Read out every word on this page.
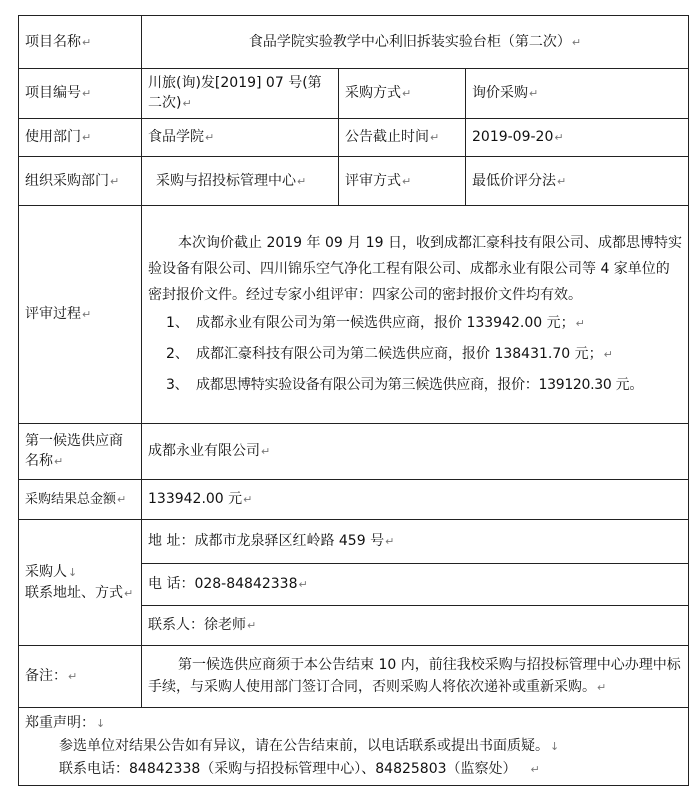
项目名称↵	食品学院实验教学中心利旧拆装实验台柜（第二次）↵		
项目编号↵	川旅(询)发[2019] 07 号(第二次)↵	采购方式↵	询价采购↵
使用部门↵	食品学院↵	公告截止时间↵	2019-09-20↵
组织采购部门↵	采购与招投标管理中心↵	评审方式↵	最低价评分法↵
评审过程↵	本次询价截止 2019 年 09 月 19 日，收到成都汇豪科技有限公司、成都思博特实验设备有限公司、四川锦乐空气净化工程有限公司、成都永业有限公司等 4 家单位的密封报价文件。经过专家小组评审：四家公司的密封报价文件均有效。
1、 成都永业有限公司为第一候选供应商，报价 133942.00 元；↵
2、 成都汇豪科技有限公司为第二候选供应商，报价 138431.70 元；↵
3、 成都思博特实验设备有限公司为第三候选供应商，报价：139120.30 元。		

第一候选供应商名称↵	成都永业有限公司↵		
采购结果总金额↵	133942.00 元↵		

采购人↓
联系地址、方式↵	地 址：成都市龙泉驿区红岭路 459 号↵		
	电 话：028-84842338↵		
	联系人：徐老师↵		
备注：↵	第一候选供应商须于本公告结束 10 内，前往我校采购与招投标管理中心办理中标手续，与采购人使用部门签订合同，否则采购人将依次递补或重新采购。↵		

郑重声明：↓
参选单位对结果公告如有异议，请在公告结束前，以电话联系或提出书面质疑。↓
联系电话：84842338（采购与招投标管理中心）、84825803（监察处） ↵			
